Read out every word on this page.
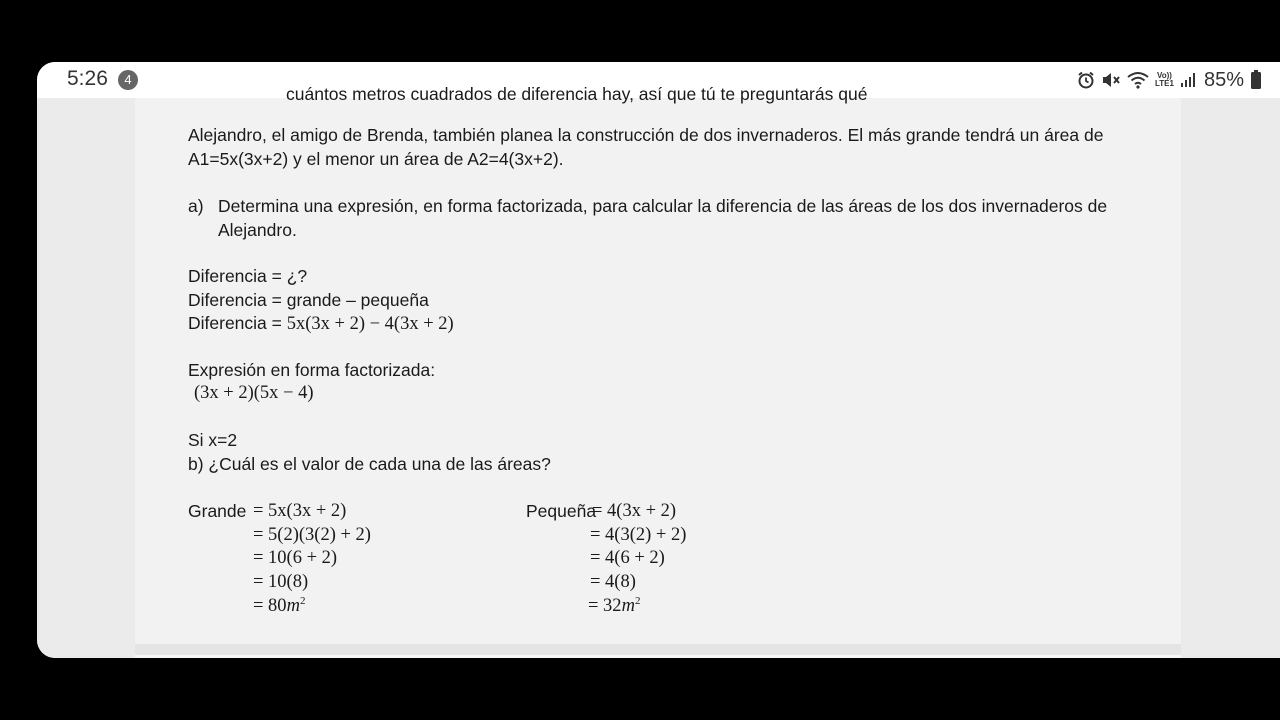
5:26	4	Vo))
LTE1 85%
cuántos metros cuadrados de diferencia hay, así que tú te preguntarás qué
Alejandro, el amigo de Brenda, también planea la construcción de dos invernaderos. El más grande tendrá un área de
A1=5x(3x+2) y el menor un área de A2=4(3x+2).
a) Determina una expresión, en forma factorizada, para calcular la diferencia de las áreas de los dos invernaderos de
Alejandro.
Diferencia = ¿?
Diferencia = grande – pequeña
Diferencia = 5x(3x + 2) − 4(3x + 2)
Expresión en forma factorizada:
(3x + 2)(5x − 4)
Si x=2
b) ¿Cuál es el valor de cada una de las áreas?
Grande = 5x(3x + 2)
= 5(2)(3(2) + 2)
= 10(6 + 2)
= 10(8)
= $80m^2$
Pequeña
= 4(3x + 2)
= 4(3(2) + 2)
= 4(6 + 2)
= 4(8)
= $32m^2$
